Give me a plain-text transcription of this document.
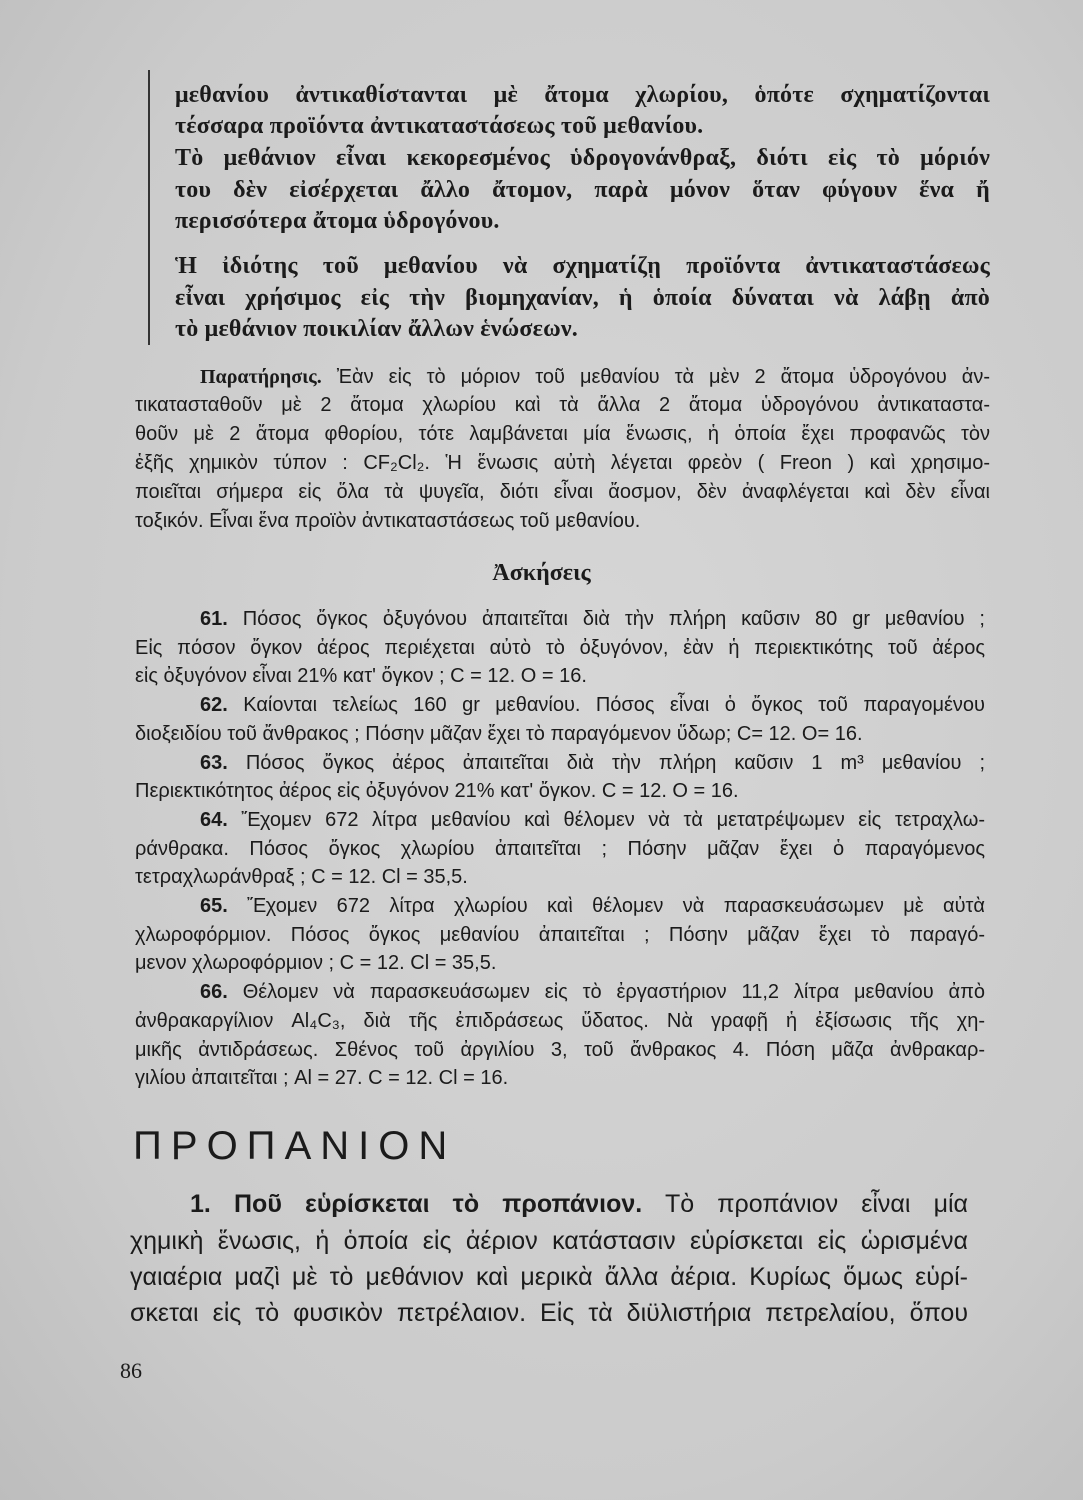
μεθανίου ἀντικαθίστανται μὲ ἄτομα χλωρίου, ὁπότε σχηματίζονται
τέσσαρα προϊόντα ἀντικαταστάσεως τοῦ μεθανίου.
Τὸ μεθάνιον εἶναι κεκορεσμένος ὑδρογονάνθραξ, διότι εἰς τὸ μόριόν
του δὲν εἰσέρχεται ἄλλο ἄτομον, παρὰ μόνον ὅταν φύγουν ἕνα ἤ
περισσότερα ἄτομα ὑδρογόνου.
Ἡ ἰδιότης τοῦ μεθανίου νὰ σχηματίζῃ προϊόντα ἀντικαταστάσεως
εἶναι χρήσιμος εἰς τὴν βιομηχανίαν, ἡ ὁποία δύναται νὰ λάβῃ ἀπὸ
τὸ μεθάνιον ποικιλίαν ἄλλων ἑνώσεων.
Παρατήρησις. Ἐὰν εἰς τὸ μόριον τοῦ μεθανίου τὰ μὲν 2 ἄτομα ὑδρογόνου ἀν-
τικατασταθοῦν μὲ 2 ἄτομα χλωρίου καὶ τὰ ἄλλα 2 ἄτομα ὑδρογόνου ἀντικαταστα-
θοῦν μὲ 2 ἄτομα φθορίου, τότε λαμβάνεται μία ἕνωσις, ἡ ὁποία ἔχει προφανῶς τὸν
ἑξῆς χημικὸν τύπον : CF₂Cl₂. Ἡ ἕνωσις αὐτὴ λέγεται φρεὸν ( Freon ) καὶ χρησιμο-
ποιεῖται σήμερα εἰς ὅλα τὰ ψυγεῖα, διότι εἶναι ἄοσμον, δὲν ἀναφλέγεται καὶ δὲν εἶναι
τοξικόν. Εἶναι ἕνα προϊὸν ἀντικαταστάσεως τοῦ μεθανίου.
Ἀσκήσεις
61. Πόσος ὄγκος ὀξυγόνου ἀπαιτεῖται διὰ τὴν πλήρη καῦσιν 80 gr μεθανίου ;
Εἰς πόσον ὄγκον ἀέρος περιέχεται αὐτὸ τὸ ὀξυγόνον, ἐὰν ἡ περιεκτικότης τοῦ ἀέρος
εἰς ὀξυγόνον εἶναι 21% κατ' ὄγκον ; C = 12. O = 16.
62. Καίονται τελείως 160 gr μεθανίου. Πόσος εἶναι ὁ ὄγκος τοῦ παραγομένου
διοξειδίου τοῦ ἄνθρακος ; Πόσην μᾶζαν ἔχει τὸ παραγόμενον ὕδωρ; C= 12. O= 16.
63. Πόσος ὄγκος ἀέρος ἀπαιτεῖται διὰ τὴν πλήρη καῦσιν 1 m³ μεθανίου ;
Περιεκτικότητος ἀέρος εἰς ὀξυγόνον 21% κατ' ὄγκον. C = 12. O = 16.
64. Ἔχομεν 672 λίτρα μεθανίου καὶ θέλομεν νὰ τὰ μετατρέψωμεν εἰς τετραχλω-
ράνθρακα. Πόσος ὄγκος χλωρίου ἀπαιτεῖται ; Πόσην μᾶζαν ἔχει ὁ παραγόμενος
τετραχλωράνθραξ ; C = 12. Cl = 35,5.
65. Ἔχομεν 672 λίτρα χλωρίου καὶ θέλομεν νὰ παρασκευάσωμεν μὲ αὐτὰ
χλωροφόρμιον. Πόσος ὄγκος μεθανίου ἀπαιτεῖται ; Πόσην μᾶζαν ἔχει τὸ παραγό-
μενον χλωροφόρμιον ; C = 12. Cl = 35,5.
66. Θέλομεν νὰ παρασκευάσωμεν εἰς τὸ ἐργαστήριον 11,2 λίτρα μεθανίου ἀπὸ
ἀνθρακαργίλιον Al₄C₃, διὰ τῆς ἐπιδράσεως ὕδατος. Νὰ γραφῇ ἡ ἐξίσωσις τῆς χη-
μικῆς ἀντιδράσεως. Σθένος τοῦ ἀργιλίου 3, τοῦ ἄνθρακος 4. Πόση μᾶζα ἀνθρακαρ-
γιλίου ἀπαιτεῖται ; Al = 27. C = 12. Cl = 16.
ΠΡΟΠΑΝΙΟΝ
1. Ποῦ εὑρίσκεται τὸ προπάνιον. Τὸ προπάνιον εἶναι μία
χημικὴ ἕνωσις, ἡ ὁποία εἰς ἀέριον κατάστασιν εὑρίσκεται εἰς ὡρισμένα
γαιαέρια μαζὶ μὲ τὸ μεθάνιον καὶ μερικὰ ἄλλα ἀέρια. Κυρίως ὅμως εὑρί-
σκεται εἰς τὸ φυσικὸν πετρέλαιον. Εἰς τὰ διϋλιστήρια πετρελαίου, ὅπου
86
